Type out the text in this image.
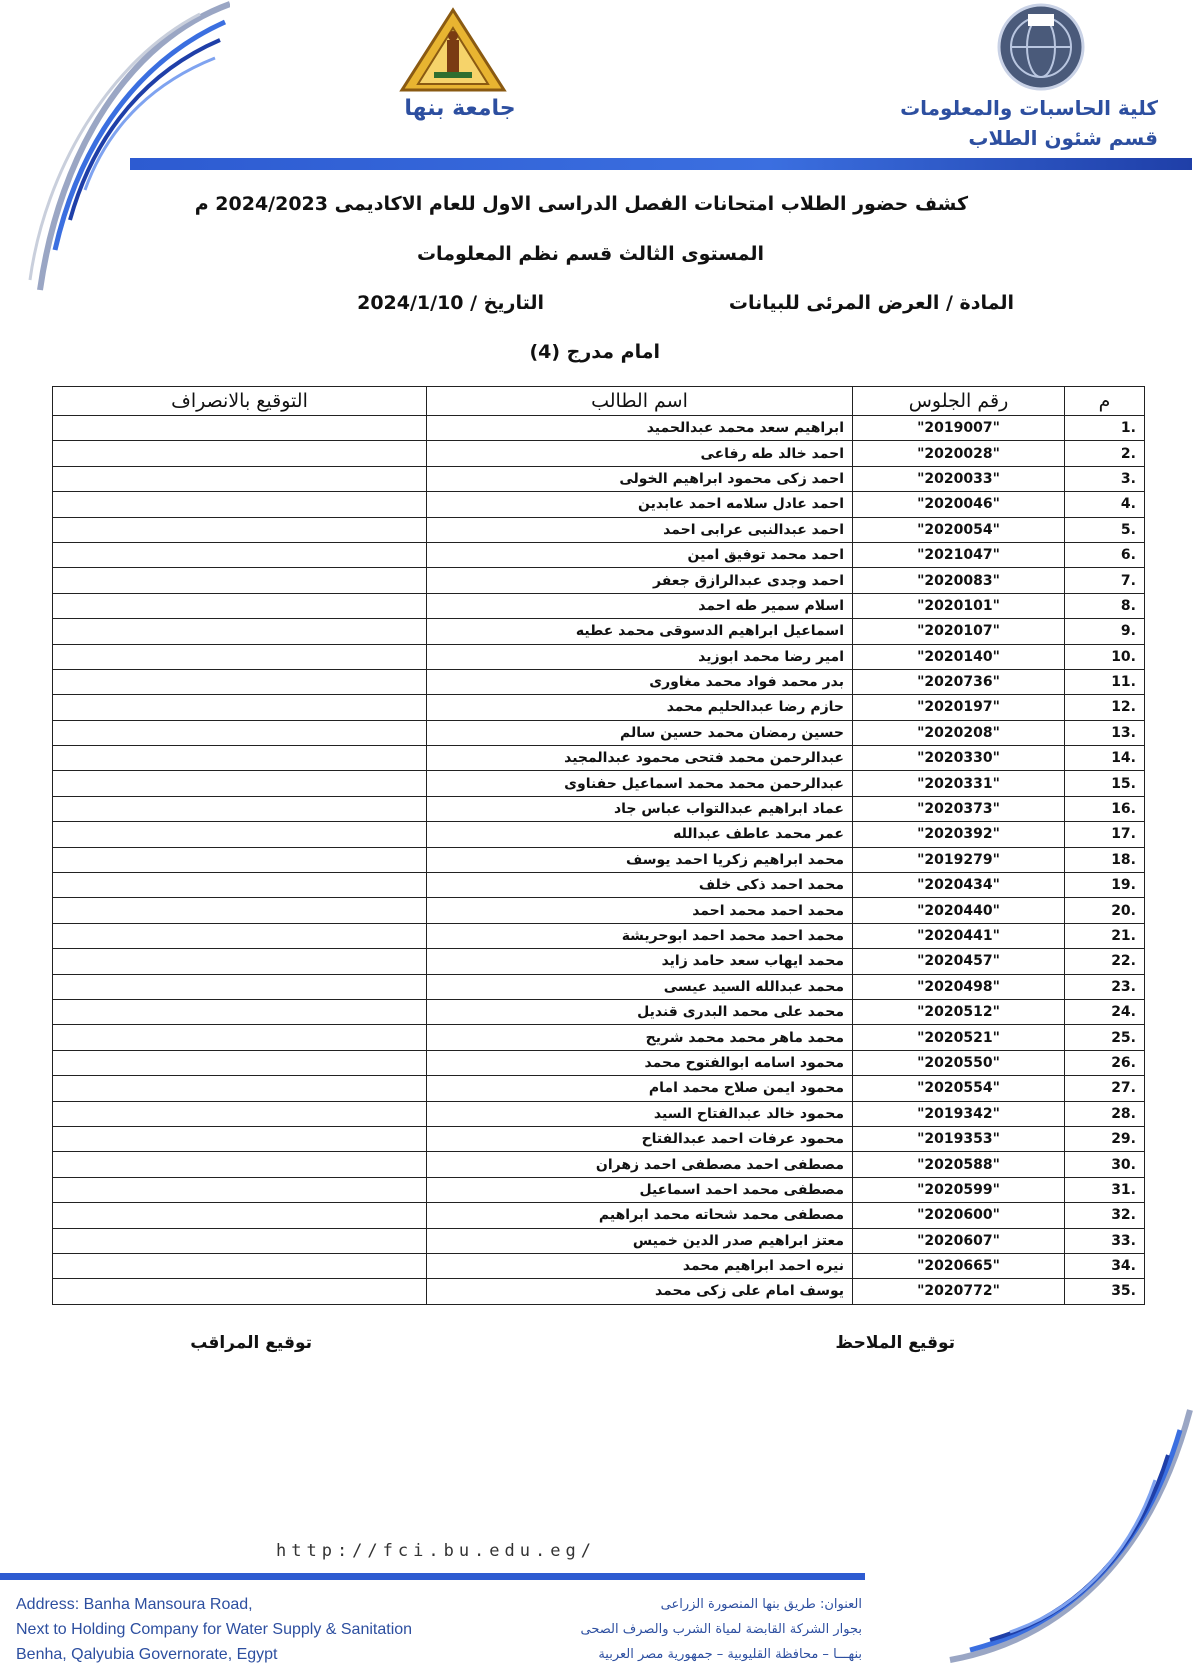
جامعة بنها	كلية الحاسبات والمعلومات
قسم شئون الطلاب
كشف حضور الطلاب امتحانات الفصل الدراسى الاول للعام الاكاديمى 2024/2023 م
المستوى الثالث قسم نظم المعلومات
المادة / العرض المرئى للبيانات
التاريخ / 2024/1/10
امام مدرج (4)
م	رقم الجلوس	اسم الطالب	التوقيع بالانصراف
.1	"2019007"	ابراهيم سعد محمد عبدالحميد	
.2	"2020028"	احمد خالد طه رفاعى	
.3	"2020033"	احمد زكى محمود ابراهيم الخولى	
.4	"2020046"	احمد عادل سلامه احمد عابدين	
.5	"2020054"	احمد عبدالنبى عرابى احمد	
.6	"2021047"	احمد محمد توفيق امين	
.7	"2020083"	احمد وجدى عبدالرازق جعفر	
.8	"2020101"	اسلام سمير طه احمد	
.9	"2020107"	اسماعيل ابراهيم الدسوقى محمد عطيه	
.10	"2020140"	امير رضا محمد ابوزيد	
.11	"2020736"	بدر محمد فواد محمد مغاورى	
.12	"2020197"	حازم رضا عبدالحليم محمد	
.13	"2020208"	حسين رمضان محمد حسين سالم	
.14	"2020330"	عبدالرحمن محمد فتحى محمود عبدالمجيد	
.15	"2020331"	عبدالرحمن محمد محمد اسماعيل حفناوى	
.16	"2020373"	عماد ابراهيم عبدالتواب عباس جاد	
.17	"2020392"	عمر محمد عاطف عبدالله	
.18	"2019279"	محمد ابراهيم زكريا احمد يوسف	
.19	"2020434"	محمد احمد ذكى خلف	
.20	"2020440"	محمد احمد محمد احمد	
.21	"2020441"	محمد احمد محمد احمد ابوحريشة	
.22	"2020457"	محمد ايهاب سعد حامد زايد	
.23	"2020498"	محمد عبدالله السيد عيسى	
.24	"2020512"	محمد على محمد البدرى قنديل	
.25	"2020521"	محمد ماهر محمد محمد شريح	
.26	"2020550"	محمود اسامه ابوالفتوح محمد	
.27	"2020554"	محمود ايمن صلاح محمد امام	
.28	"2019342"	محمود خالد عبدالفتاح السيد	
.29	"2019353"	محمود عرفات احمد عبدالفتاح	
.30	"2020588"	مصطفى احمد مصطفى احمد زهران	
.31	"2020599"	مصطفى محمد احمد اسماعيل	
.32	"2020600"	مصطفى محمد شحاته محمد ابراهيم	
.33	"2020607"	معتز ابراهيم صدر الدين خميس	
.34	"2020665"	نيره احمد ابراهيم محمد	
.35	"2020772"	يوسف امام على زكى محمد	
توقيع الملاحظ
توقيع المراقب
http://fci.bu.edu.eg/
Address: Banha Mansoura Road,
Next to Holding Company for Water Supply & Sanitation
Benha, Qalyubia Governorate, Egypt
العنوان: طريق بنها المنصورة الزراعى
بجوار الشركة القابضة لمياة الشرب والصرف الصحى
بنهـــا – محافظة القليوبية – جمهورية مصر العربية
